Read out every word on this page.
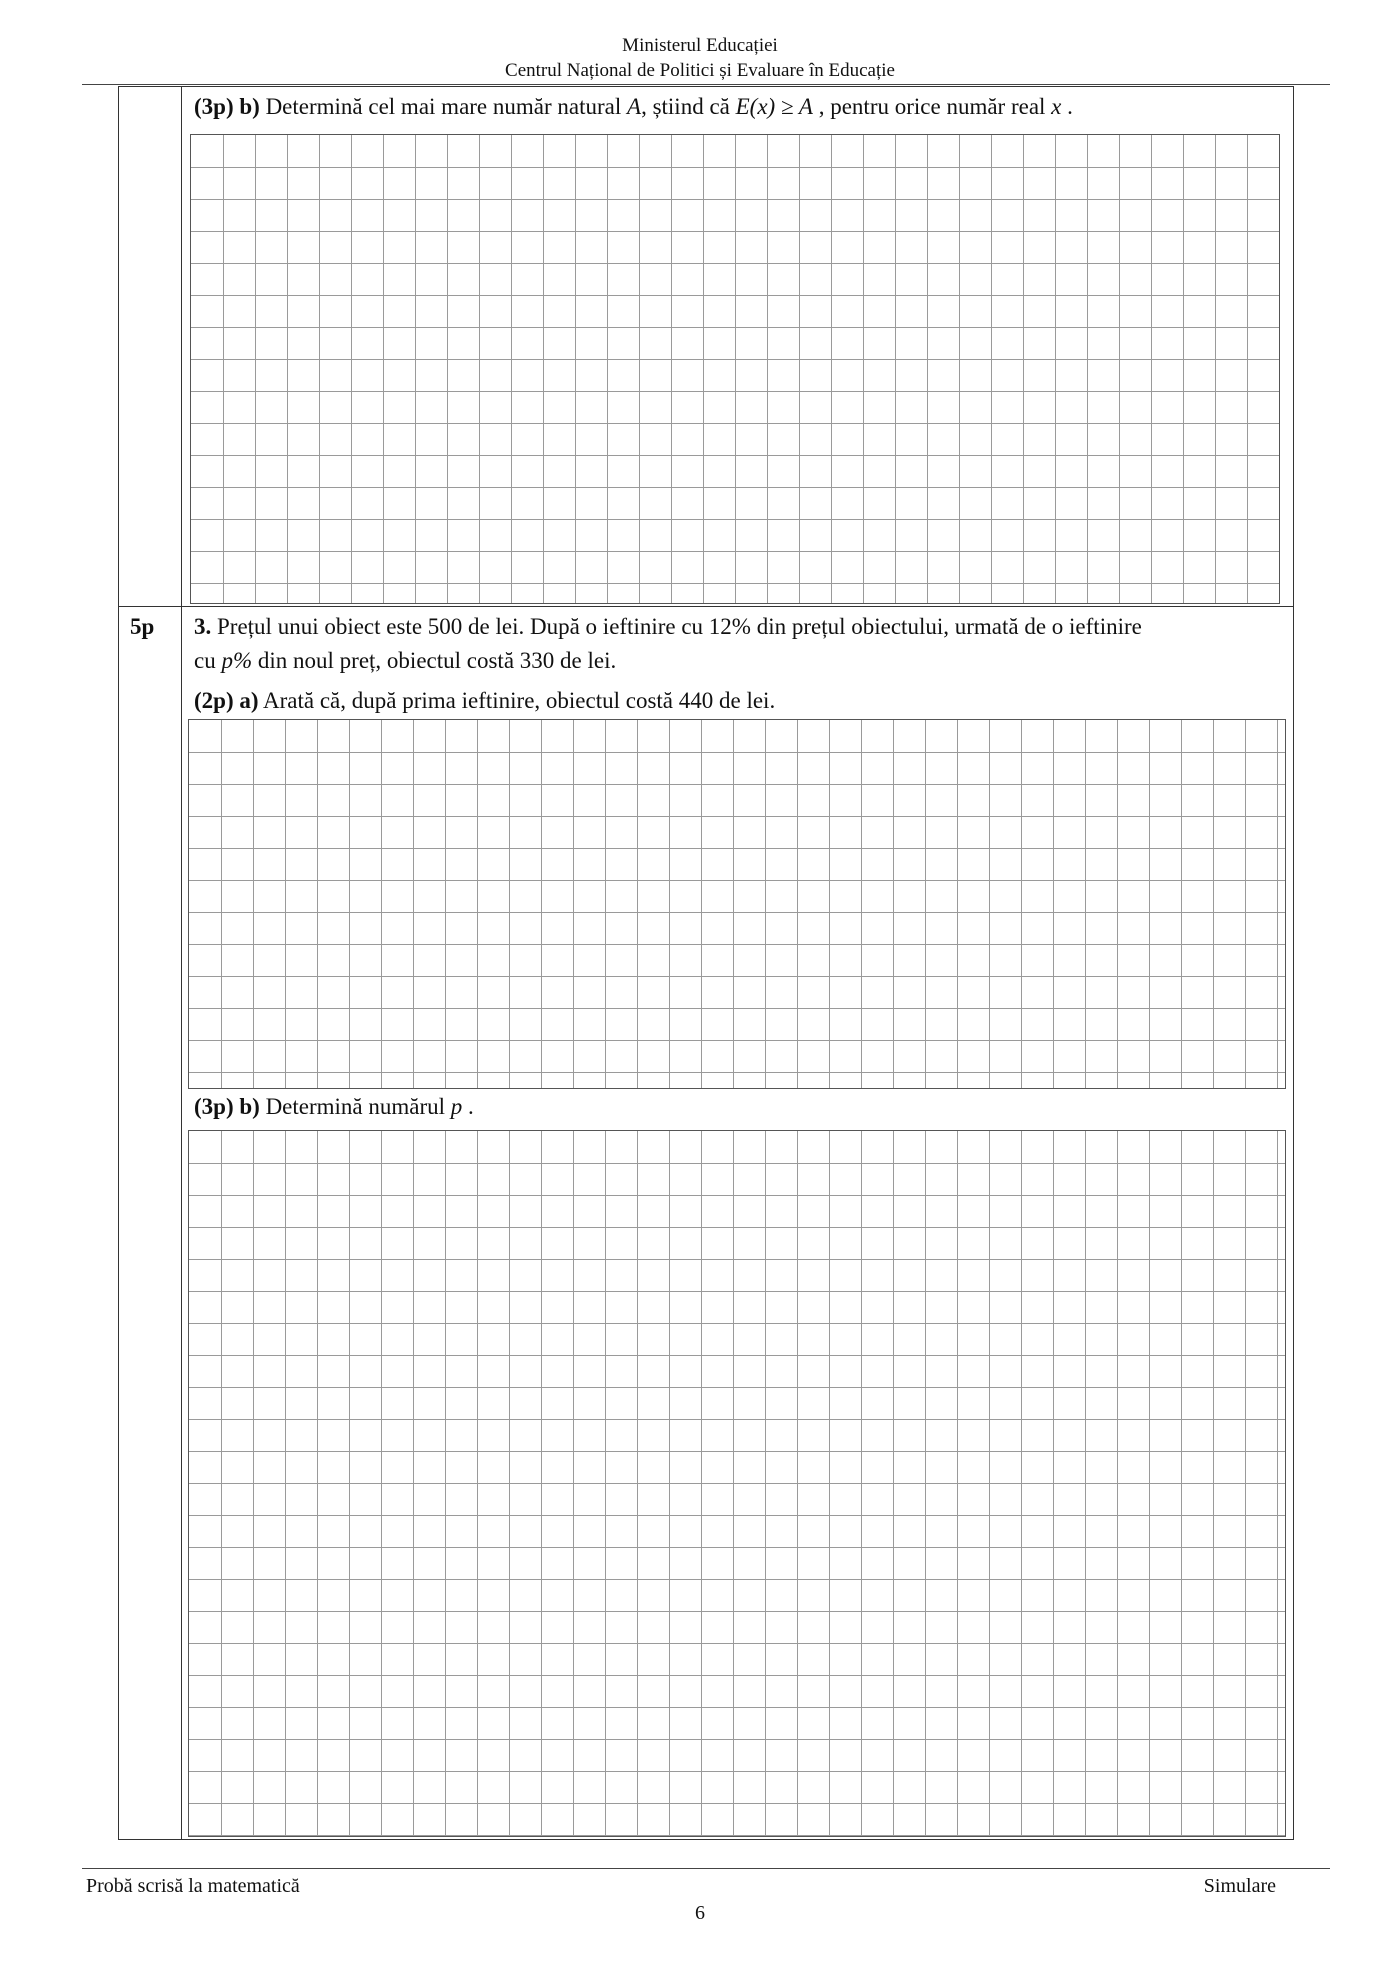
Ministerul Educației
Centrul Național de Politici și Evaluare în Educație
(3p) b) Determină cel mai mare număr natural A, știind că E(x) ≥ A , pentru orice număr real x .
5p 3. Prețul unui obiect este 500 de lei. După o ieftinire cu 12% din prețul obiectului, urmată de o ieftinire
cu p% din noul preț, obiectul costă 330 de lei.
(2p) a) Arată că, după prima ieftinire, obiectul costă 440 de lei.
(3p) b) Determină numărul p .
Probă scrisă la matematică	Simulare
6
